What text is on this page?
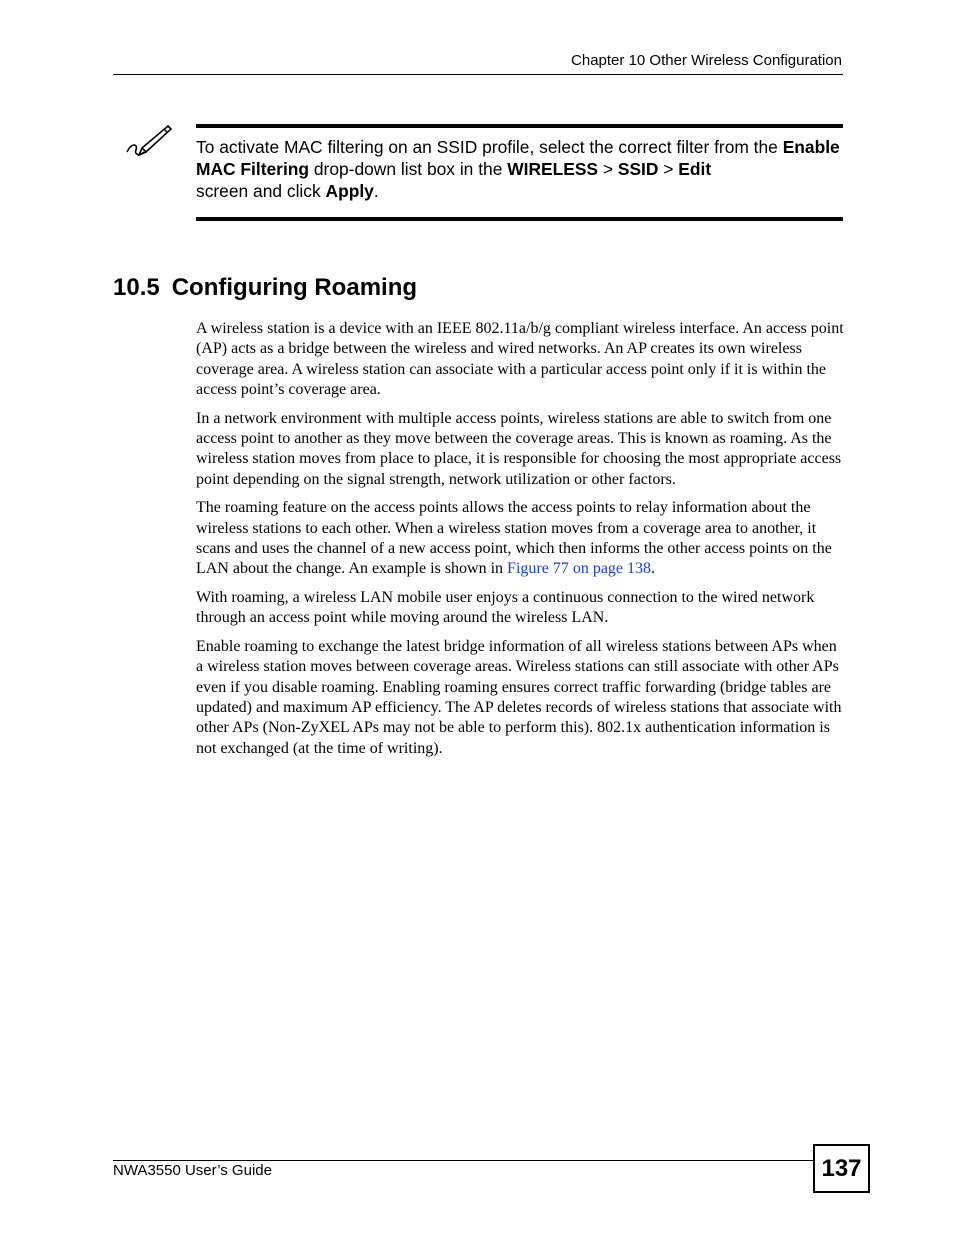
Chapter 10 Other Wireless Configuration
To activate MAC filtering on an SSID profile, select the correct filter from the Enable MAC Filtering drop-down list box in the WIRELESS > SSID > Edit
screen and click Apply.
10.5 Configuring Roaming

A wireless station is a device with an IEEE 802.11a/b/g compliant wireless interface. An access point (AP) acts as a bridge between the wireless and wired networks. An AP creates its own wireless coverage area. A wireless station can associate with a particular access point only if it is within the access point’s coverage area.

In a network environment with multiple access points, wireless stations are able to switch from one access point to another as they move between the coverage areas. This is known as roaming. As the wireless station moves from place to place, it is responsible for choosing the most appropriate access point depending on the signal strength, network utilization or other factors.

The roaming feature on the access points allows the access points to relay information about the wireless stations to each other. When a wireless station moves from a coverage area to another, it scans and uses the channel of a new access point, which then informs the other access points on the LAN about the change. An example is shown in Figure 77 on page 138.

With roaming, a wireless LAN mobile user enjoys a continuous connection to the wired network through an access point while moving around the wireless LAN.

Enable roaming to exchange the latest bridge information of all wireless stations between APs when a wireless station moves between coverage areas. Wireless stations can still associate with other APs even if you disable roaming. Enabling roaming ensures correct traffic forwarding (bridge tables are updated) and maximum AP efficiency. The AP deletes records of wireless stations that associate with other APs (Non-ZyXEL APs may not be able to perform this). 802.1x authentication information is not exchanged (at the time of writing).

NWA3550 User’s Guide	137
